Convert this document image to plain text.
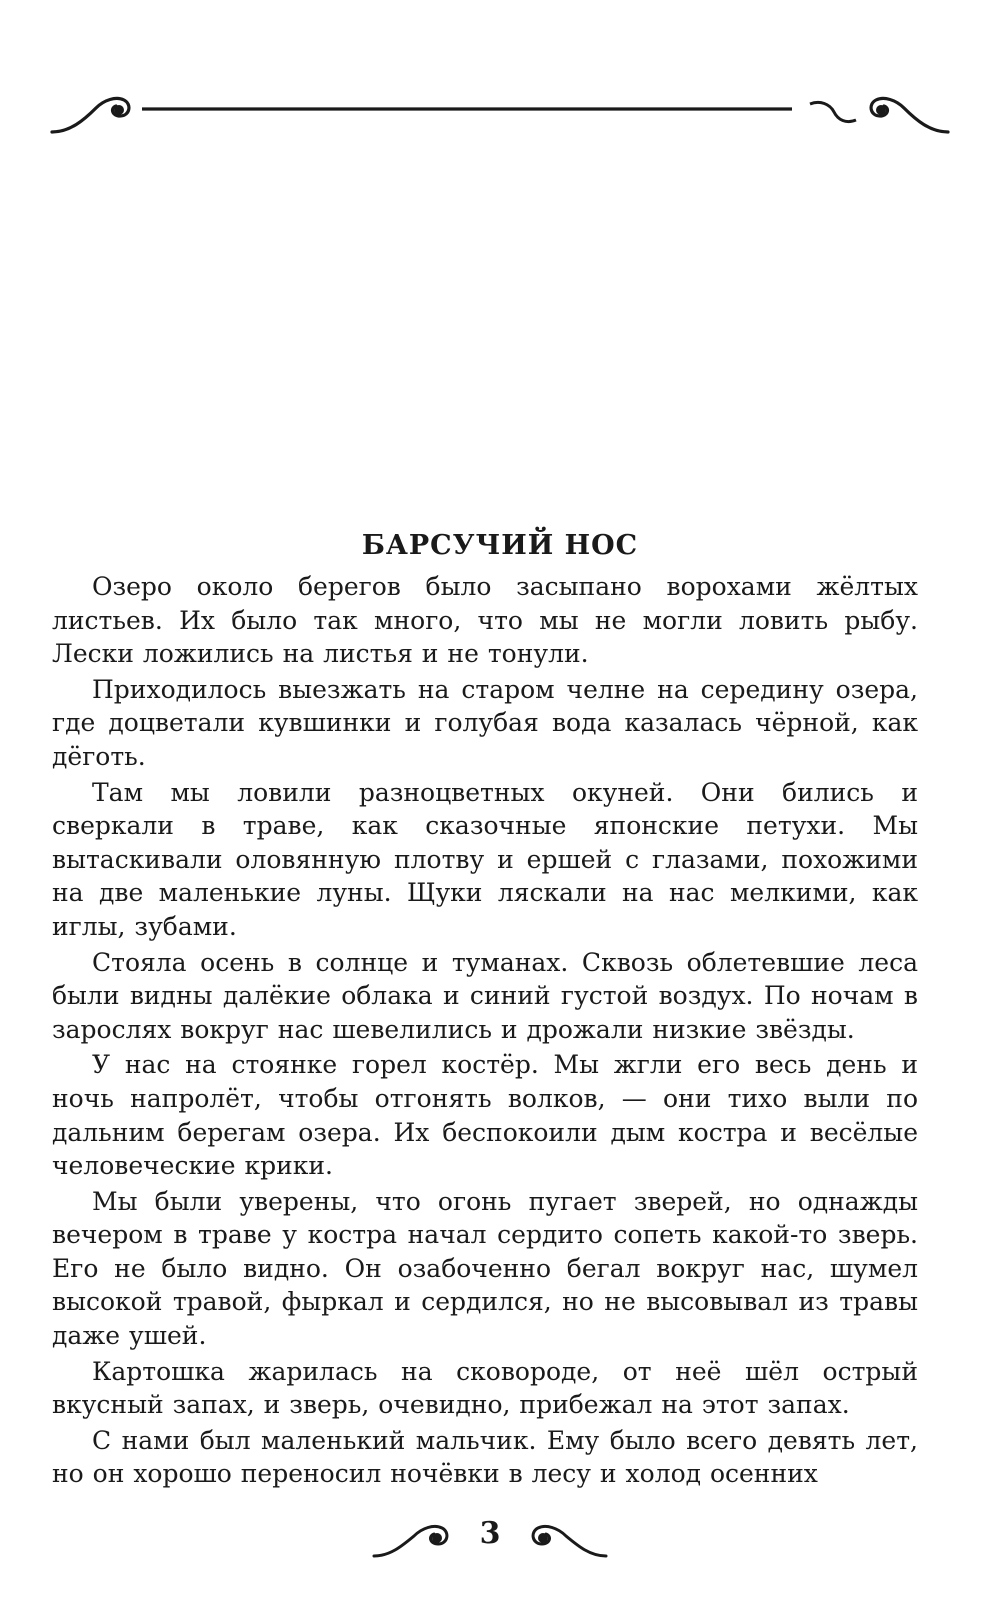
БАРСУЧИЙ НОС

Озеро около берегов было засыпано ворохами жёлтых листьев. Их было так много, что мы не могли ловить рыбу. Лески ложились на листья и не тонули.

Приходилось выезжать на старом челне на середину озера, где доцветали кувшинки и голубая вода казалась чёрной, как дёготь.

Там мы ловили разноцветных окуней. Они бились и сверкали в траве, как сказочные японские петухи. Мы вытаскивали оловянную плотву и ершей с глазами, похожими на две маленькие луны. Щуки ляскали на нас мелкими, как иглы, зубами.

Стояла осень в солнце и туманах. Сквозь облетевшие леса были видны далёкие облака и синий густой воздух. По ночам в зарослях вокруг нас шевелились и дрожали низкие звёзды.

У нас на стоянке горел костёр. Мы жгли его весь день и ночь напролёт, чтобы отгонять волков, — они тихо выли по дальним берегам озера. Их беспокоили дым костра и весёлые человеческие крики.

Мы были уверены, что огонь пугает зверей, но однажды вечером в траве у костра начал сердито сопеть какой-то зверь. Его не было видно. Он озабоченно бегал вокруг нас, шумел высокой травой, фыркал и сердился, но не высовывал из травы даже ушей.

Картошка жарилась на сковороде, от неё шёл острый вкусный запах, и зверь, очевидно, прибежал на этот запах.

С нами был маленький мальчик. Ему было всего девять лет, но он хорошо переносил ночёвки в лесу и холод осенних

3
